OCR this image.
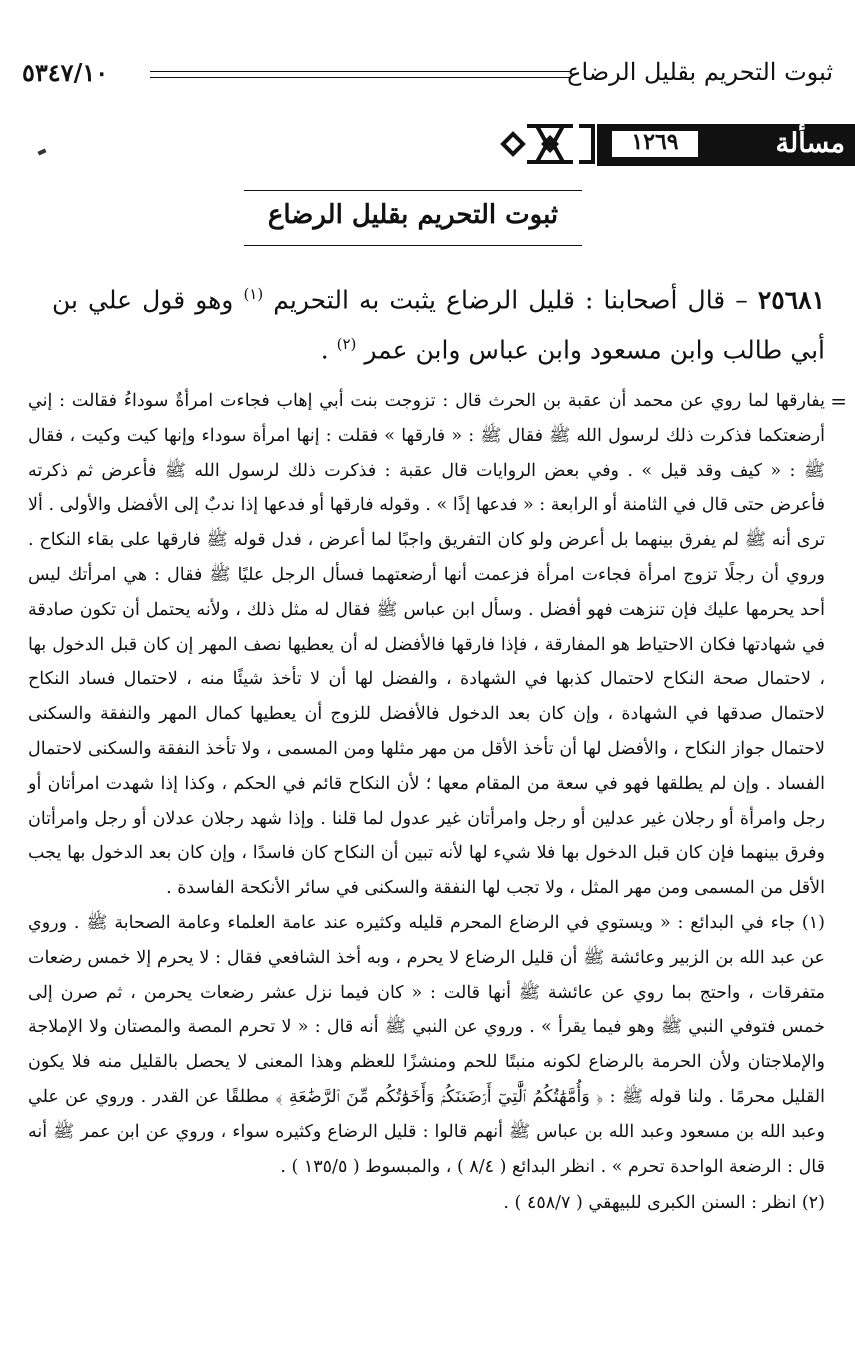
ثبوت التحريم بقليل الرضاع
٥٣٤٧/١٠
مسألة
١٢٦٩
ثبوت التحريم بقليل الرضاع
٢٥٦٨١ – قال أصحابنا : قليل الرضاع يثبت به التحريم $^{(١)}$ وهو قول علي بن أبي طالب وابن مسعود وابن عباس وابن عمر $^{(٢)}$ .
=

يفارقها لما روي عن محمد أن عقبة بن الحرث قال : تزوجت بنت أبي إهاب فجاءت امرأةٌ سوداءُ فقالت : إني أرضعتكما فذكرت ذلك لرسول الله ﷺ فقال ﷺ : « فارقها » فقلت : إنها امرأة سوداء وإنها كيت وكيت ، فقال ﷺ : « كيف وقد قيل » . وفي بعض الروايات قال عقبة : فذكرت ذلك لرسول الله ﷺ فأعرض ثم ذكرته فأعرض حتى قال في الثامنة أو الرابعة : « فدعها إذًا » . وقوله فارقها أو فدعها إذا ندبٌ إلى الأفضل والأولى . ألا ترى أنه ﷺ لم يفرق بينهما بل أعرض ولو كان التفريق واجبًا لما أعرض ، فدل قوله ﷺ فارقها على بقاء النكاح . وروي أن رجلًا تزوج امرأة فجاءت امرأة فزعمت أنها أرضعتهما فسأل الرجل عليًا ﷺ فقال : هي امرأتك ليس أحد يحرمها عليك فإن تنزهت فهو أفضل . وسأل ابن عباس ﷺ فقال له مثل ذلك ، ولأنه يحتمل أن تكون صادقة في شهادتها فكان الاحتياط هو المفارقة ، فإذا فارقها فالأفضل له أن يعطيها نصف المهر إن كان قبل الدخول بها ، لاحتمال صحة النكاح لاحتمال كذبها في الشهادة ، والفضل لها أن لا تأخذ شيئًا منه ، لاحتمال فساد النكاح لاحتمال صدقها في الشهادة ، وإن كان بعد الدخول فالأفضل للزوج أن يعطيها كمال المهر والنفقة والسكنى لاحتمال جواز النكاح ، والأفضل لها أن تأخذ الأقل من مهر مثلها ومن المسمى ، ولا تأخذ النفقة والسكنى لاحتمال الفساد . وإن لم يطلقها فهو في سعة من المقام معها ؛ لأن النكاح قائم في الحكم ، وكذا إذا شهدت امرأتان أو رجل وامرأة أو رجلان غير عدلين أو رجل وامرأتان غير عدول لما قلنا . وإذا شهد رجلان عدلان أو رجل وامرأتان وفرق بينهما فإن كان قبل الدخول بها فلا شيء لها لأنه تبين أن النكاح كان فاسدًا ، وإن كان بعد الدخول بها يجب الأقل من المسمى ومن مهر المثل ، ولا تجب لها النفقة والسكنى في سائر الأنكحة الفاسدة .

(١) جاء في البدائع : « ويستوي في الرضاع المحرم قليله وكثيره عند عامة العلماء وعامة الصحابة ﷺ . وروي عن عبد الله بن الزبير وعائشة ﷺ أن قليل الرضاع لا يحرم ، وبه أخذ الشافعي فقال : لا يحرم إلا خمس رضعات متفرقات ، واحتج بما روي عن عائشة ﷺ أنها قالت : « كان فيما نزل عشر رضعات يحرمن ، ثم صرن إلى خمس فتوفي النبي ﷺ وهو فيما يقرأ » . وروي عن النبي ﷺ أنه قال : « لا تحرم المصة والمصتان ولا الإملاجة والإملاجتان ولأن الحرمة بالرضاع لكونه منبتًا للحم ومنشزًا للعظم وهذا المعنى لا يحصل بالقليل منه فلا يكون القليل محرمًا . ولنا قوله ﷺ : ﴿ وَأُمَّهَٰتُكُمُ ٱلَّٰتِيٓ أَرۡضَعۡنَكُمۡ وَأَخَوَٰتُكُم مِّنَ ٱلرَّضَٰعَةِ ﴾ مطلقًا عن القدر . وروي عن علي وعبد الله بن مسعود وعبد الله بن عباس ﷺ أنهم قالوا : قليل الرضاع وكثيره سواء ، وروي عن ابن عمر ﷺ أنه قال : الرضعة الواحدة تحرم » . انظر البدائع ( ٨/٤ ) ، والمبسوط ( ١٣٥/٥ ) .

(٢) انظر : السنن الكبرى للبيهقي ( ٤٥٨/٧ ) .
